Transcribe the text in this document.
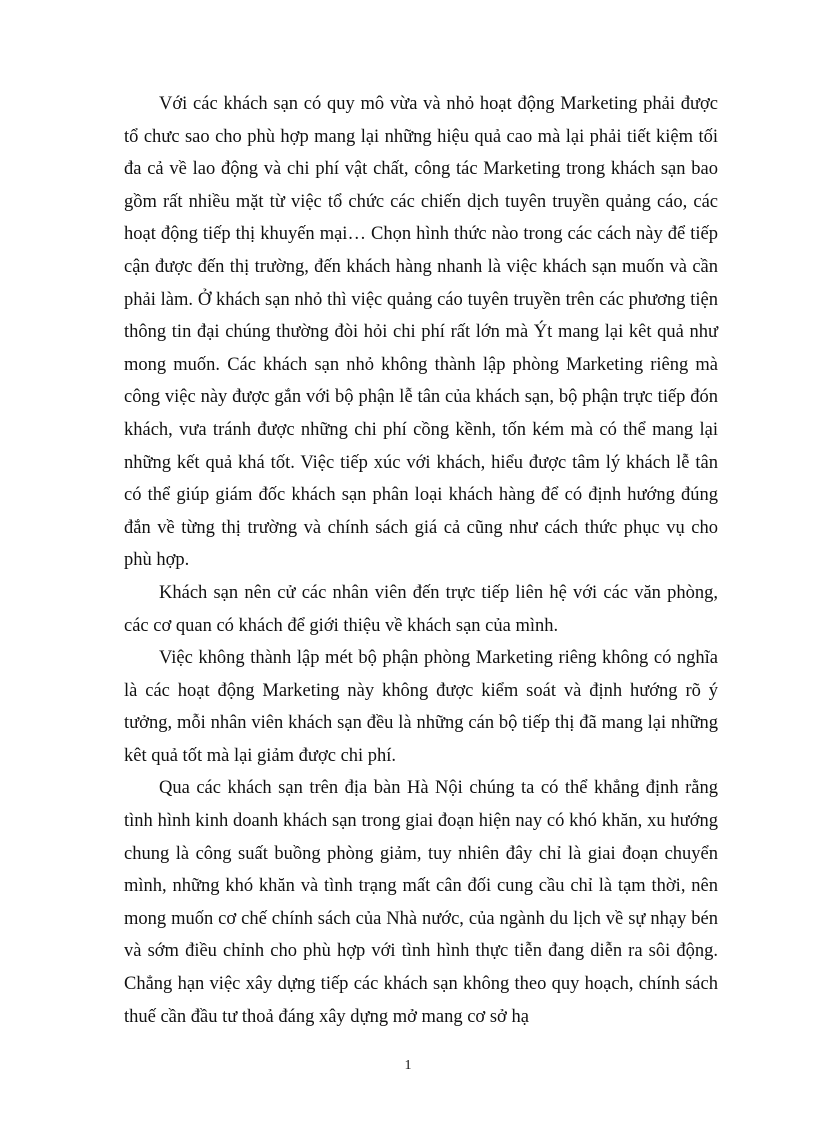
Với các khách sạn có quy mô vừa và nhỏ hoạt động Marketing phải được tổ chưc sao cho phù hợp mang lại những hiệu quả cao mà lại phải tiết kiệm tối đa cả về lao động và chi phí vật chất, công tác Marketing trong khách sạn bao gồm rất nhiều mặt từ việc tổ chức các chiến dịch tuyên truyền quảng cáo, các hoạt động tiếp thị khuyến mại… Chọn hình thức nào trong các cách này để tiếp cận được đến thị trường, đến khách hàng nhanh là việc khách sạn muốn và cần phải làm. Ở khách sạn nhỏ thì việc quảng cáo tuyên truyền trên các phương tiện thông tin đại chúng thường đòi hỏi chi phí rất lớn mà Ýt mang lại kêt quả như mong muốn. Các khách sạn nhỏ không thành lập phòng Marketing riêng mà công việc này được gắn với bộ phận lễ tân của khách sạn, bộ phận trực tiếp đón khách, vưa tránh được những chi phí cồng kềnh, tốn kém mà có thể mang lại những kết quả khá tốt. Việc tiếp xúc với khách, hiểu được tâm lý khách lễ tân có thể giúp giám đốc khách sạn phân loại khách hàng để có định hướng đúng đắn về từng thị trường và chính sách giá cả cũng như cách thức phục vụ cho phù hợp.

Khách sạn nên cử các nhân viên đến trực tiếp liên hệ với các văn phòng, các cơ quan có khách để giới thiệu về khách sạn của mình.

Việc không thành lập mét bộ phận phòng Marketing riêng không có nghĩa là các hoạt động Marketing này không được kiểm soát và định hướng rõ ý tưởng, mỗi nhân viên khách sạn đều là những cán bộ tiếp thị đã mang lại những kêt quả tốt mà lại giảm được chi phí.

Qua các khách sạn trên địa bàn Hà Nội chúng ta có thể khẳng định rằng tình hình kinh doanh khách sạn trong giai đoạn hiện nay có khó khăn, xu hướng chung là công suất buồng phòng giảm, tuy nhiên đây chỉ là giai đoạn chuyển mình, những khó khăn và tình trạng mất cân đối cung cầu chỉ là tạm thời, nên mong muốn cơ chế chính sách của Nhà nước, của ngành du lịch về sự nhạy bén và sớm điều chỉnh cho phù hợp với tình hình thực tiễn đang diễn ra sôi động. Chẳng hạn việc xây dựng tiếp các khách sạn không theo quy hoạch, chính sách thuế cần đầu tư thoả đáng xây dựng mở mang cơ sở hạ

1
